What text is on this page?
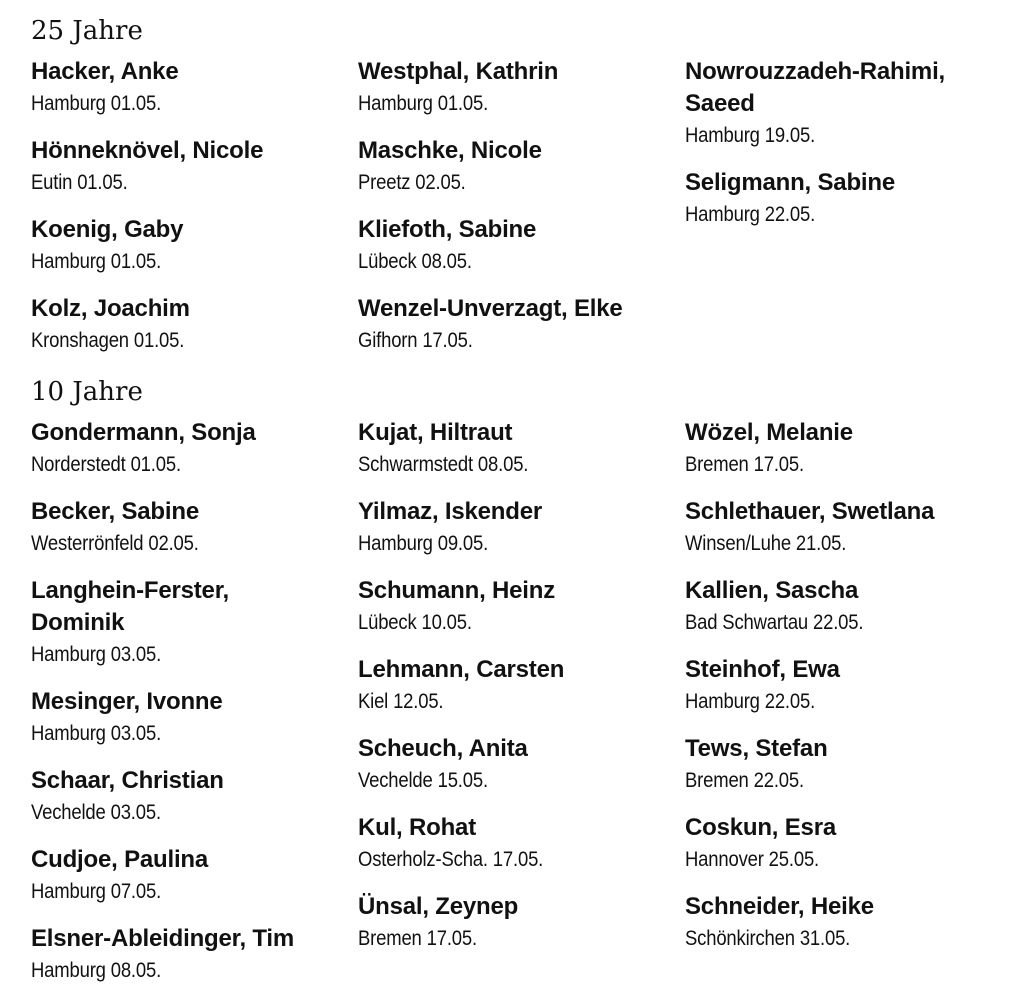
25 Jahre
Hacker, Anke
Hamburg 01.05.
Hönneknövel, Nicole
Eutin 01.05.
Koenig, Gaby
Hamburg 01.05.
Kolz, Joachim
Kronshagen 01.05.
Westphal, Kathrin
Hamburg 01.05.
Maschke, Nicole
Preetz 02.05.
Kliefoth, Sabine
Lübeck 08.05.
Wenzel-Unverzagt, Elke
Gifhorn 17.05.
Nowrouzzadeh-Rahimi, Saeed
Hamburg 19.05.
Seligmann, Sabine
Hamburg 22.05.
10 Jahre
Gondermann, Sonja
Norderstedt 01.05.
Becker, Sabine
Westerrönfeld 02.05.
Langhein-Ferster, Dominik
Hamburg 03.05.
Mesinger, Ivonne
Hamburg 03.05.
Schaar, Christian
Vechelde 03.05.
Cudjoe, Paulina
Hamburg 07.05.
Elsner-Ableidinger, Tim
Hamburg 08.05.
Kujat, Hiltraut
Schwarmstedt 08.05.
Yilmaz, Iskender
Hamburg 09.05.
Schumann, Heinz
Lübeck 10.05.
Lehmann, Carsten
Kiel 12.05.
Scheuch, Anita
Vechelde 15.05.
Kul, Rohat
Osterholz-Scha. 17.05.
Ünsal, Zeynep
Bremen 17.05.
Wözel, Melanie
Bremen 17.05.
Schlethauer, Swetlana
Winsen/Luhe 21.05.
Kallien, Sascha
Bad Schwartau 22.05.
Steinhof, Ewa
Hamburg 22.05.
Tews, Stefan
Bremen 22.05.
Coskun, Esra
Hannover 25.05.
Schneider, Heike
Schönkirchen 31.05.
